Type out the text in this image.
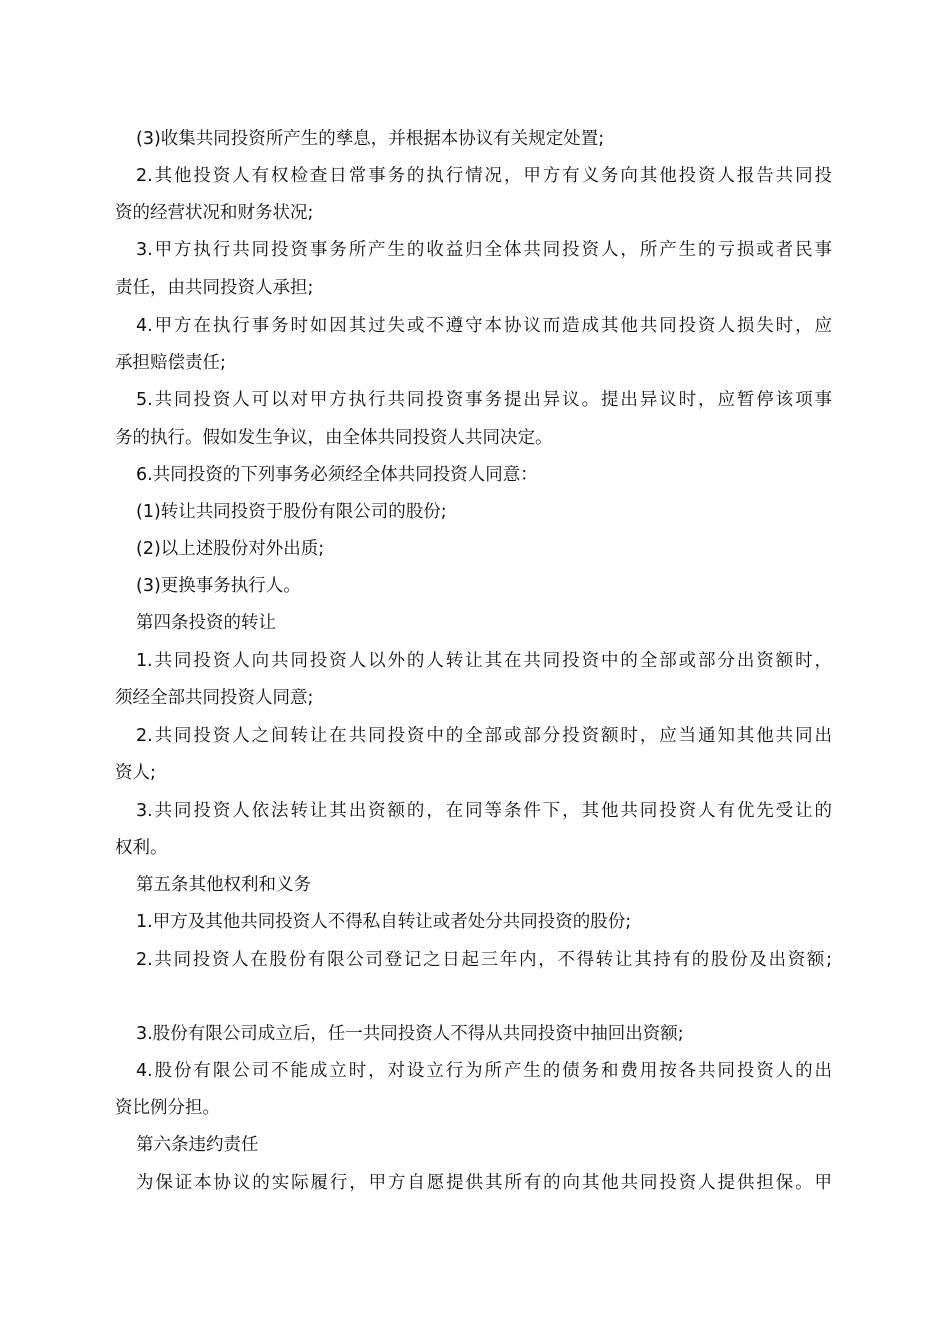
(3)收集共同投资所产生的孳息，并根据本协议有关规定处置;

2.其他投资人有权检查日常事务的执行情况，甲方有义务向其他投资人报告共同投

资的经营状况和财务状况;

3.甲方执行共同投资事务所产生的收益归全体共同投资人，所产生的亏损或者民事

责任，由共同投资人承担;

4.甲方在执行事务时如因其过失或不遵守本协议而造成其他共同投资人损失时，应

承担赔偿责任;

5.共同投资人可以对甲方执行共同投资事务提出异议。提出异议时，应暂停该项事

务的执行。假如发生争议，由全体共同投资人共同决定。

6.共同投资的下列事务必须经全体共同投资人同意：

(1)转让共同投资于股份有限公司的股份;

(2)以上述股份对外出质;

(3)更换事务执行人。

第四条投资的转让

1.共同投资人向共同投资人以外的人转让其在共同投资中的全部或部分出资额时，

须经全部共同投资人同意;

2.共同投资人之间转让在共同投资中的全部或部分投资额时，应当通知其他共同出

资人;

3.共同投资人依法转让其出资额的，在同等条件下，其他共同投资人有优先受让的

权利。

第五条其他权利和义务

1.甲方及其他共同投资人不得私自转让或者处分共同投资的股份;

2.共同投资人在股份有限公司登记之日起三年内，不得转让其持有的股份及出资额;

3.股份有限公司成立后，任一共同投资人不得从共同投资中抽回出资额;

4.股份有限公司不能成立时，对设立行为所产生的债务和费用按各共同投资人的出

资比例分担。

第六条违约责任

为保证本协议的实际履行，甲方自愿提供其所有的向其他共同投资人提供担保。甲
